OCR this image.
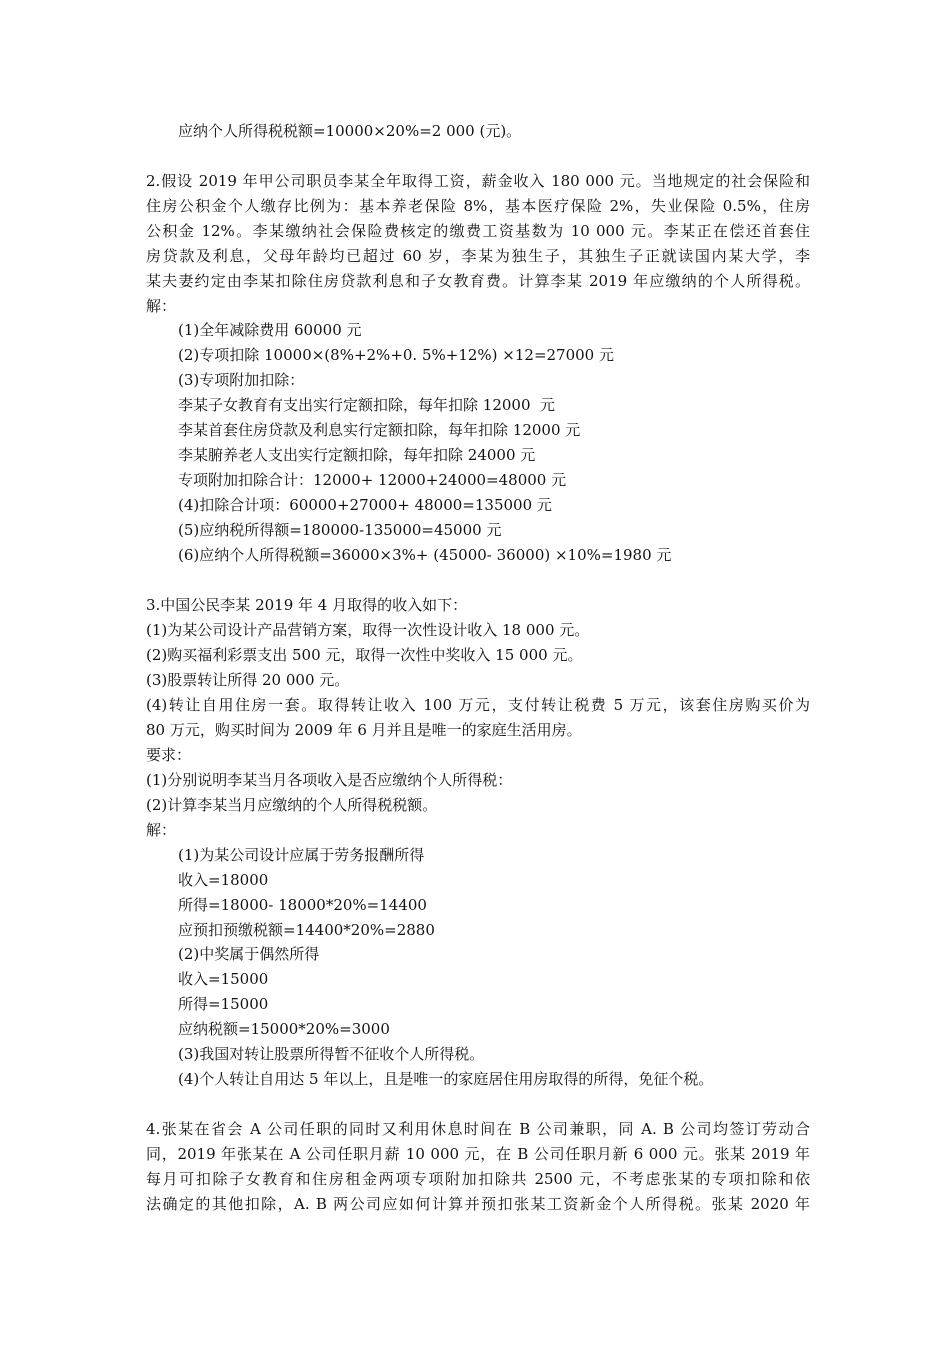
应纳个人所得税税额=10000×20%=2 000 (元)。
2.假设 2019 年甲公司职员李某全年取得工资，薪金收入 180 000 元。当地规定的社会保险和
住房公积金个人缴存比例为：基本养老保险 8%，基本医疗保险 2%，失业保险 0.5%，住房
公积金 12%。李某缴纳社会保险费核定的缴费工资基数为 10 000 元。李某正在偿还首套住
房贷款及利息，父母年龄均已超过 60 岁，李某为独生子，其独生子正就读国内某大学，李
某夫妻约定由李某扣除住房贷款利息和子女教育费。计算李某 2019 年应缴纳的个人所得税。
解：
(1)全年减除费用 60000 元
(2)专项扣除 10000×(8%+2%+0. 5%+12%) ×12=27000 元
(3)专项附加扣除：
李某子女教育有支出实行定额扣除，每年扣除 12000  元
李某首套住房贷款及利息实行定额扣除，每年扣除 12000 元
李某腑养老人支出实行定额扣除，每年扣除 24000 元
专项附加扣除合计：12000+ 12000+24000=48000 元
(4)扣除合计项：60000+27000+ 48000=135000 元
(5)应纳税所得额=180000-135000=45000 元
(6)应纳个人所得税额=36000×3%+ (45000- 36000) ×10%=1980 元
3.中国公民李某 2019 年 4 月取得的收入如下：
(1)为某公司设计产品营销方案，取得一次性设计收入 18 000 元。
(2)购买福利彩票支出 500 元，取得一次性中奖收入 15 000 元。
(3)股票转让所得 20 000 元。
(4)转让自用住房一套。取得转让收入 100 万元，支付转让税费 5 万元，该套住房购买价为
80 万元，购买时间为 2009 年 6 月并且是唯一的家庭生活用房。
要求：
(1)分别说明李某当月各项收入是否应缴纳个人所得税：
(2)计算李某当月应缴纳的个人所得税税额。
解：
(1)为某公司设计应属于劳务报酬所得
收入=18000
所得=18000- 18000*20%=14400
应预扣预缴税额=14400*20%=2880
(2)中奖属于偶然所得
收入=15000
所得=15000
应纳税额=15000*20%=3000
(3)我国对转让股票所得暂不征收个人所得税。
(4)个人转让自用达 5 年以上，且是唯一的家庭居住用房取得的所得，免征个税。
4.张某在省会 A 公司任职的同时又利用休息时间在 B 公司兼职，同 A. B 公司均签订劳动合
同，2019 年张某在 A 公司任职月薪 10 000 元，在 B 公司任职月新 6 000 元。张某 2019 年
每月可扣除子女教育和住房租金两项专项附加扣除共 2500 元，不考虑张某的专项扣除和依
法确定的其他扣除，A. B 两公司应如何计算并预扣张某工资新金个人所得税。张某 2020 年
